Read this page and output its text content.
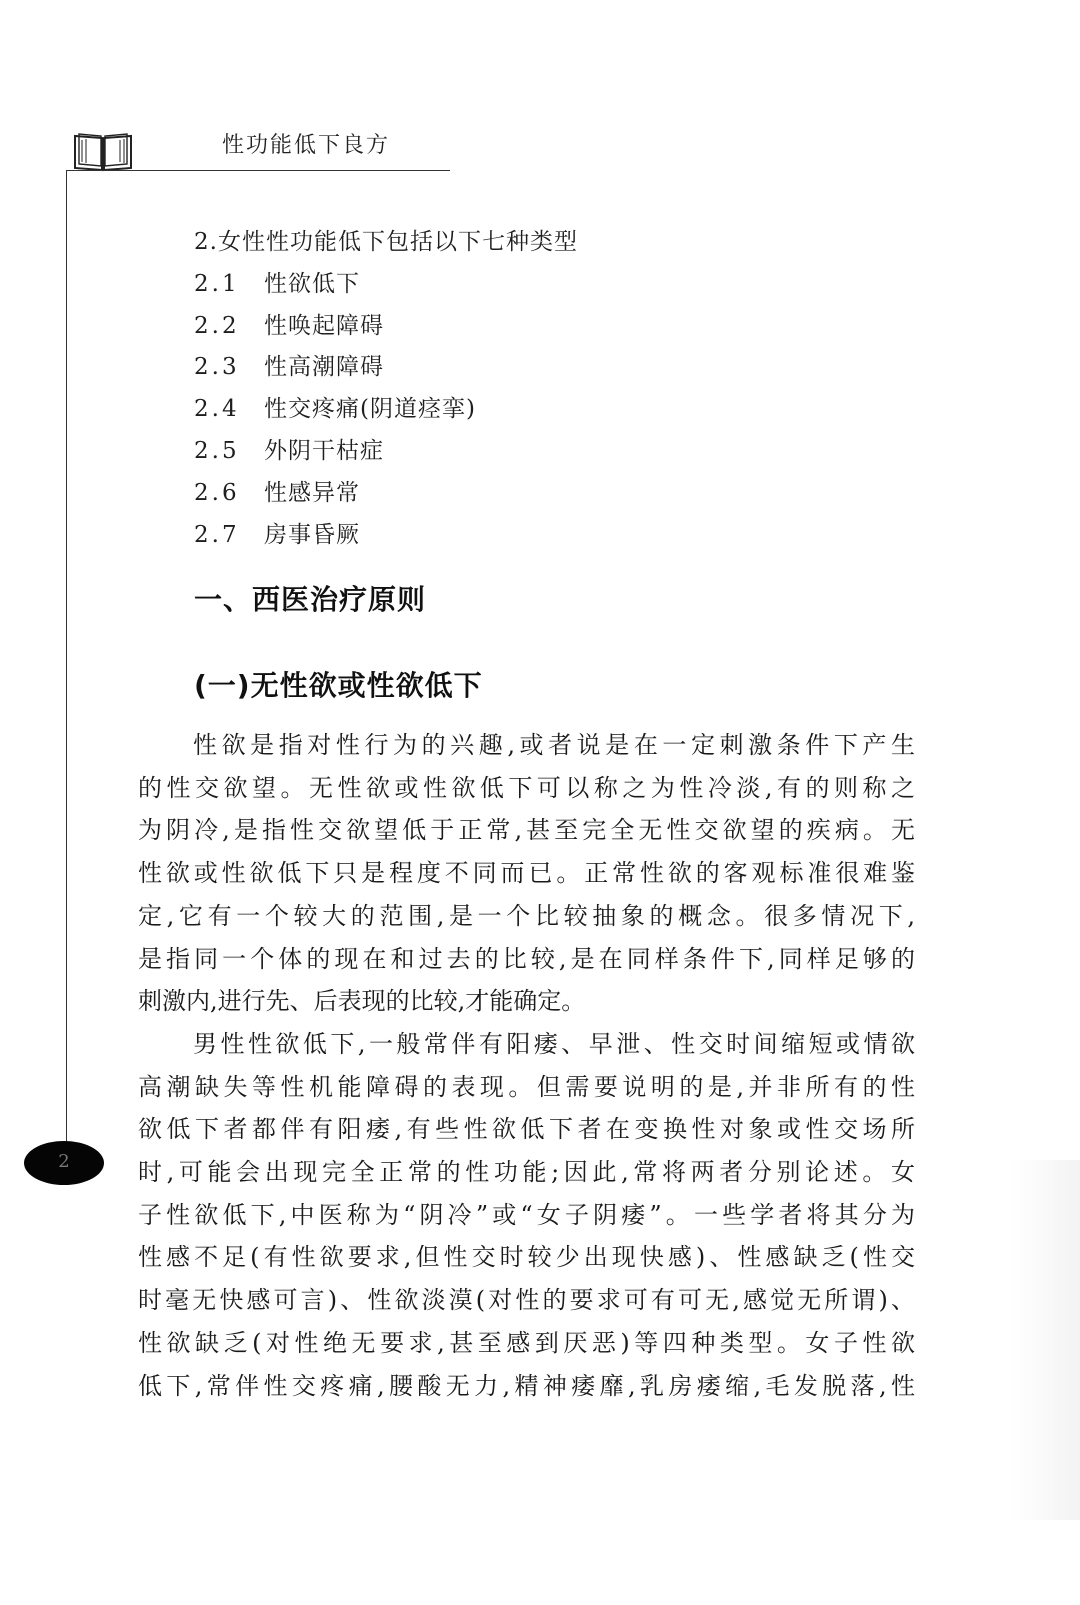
性功能低下良方
2
2.女性性功能低下包括以下七种类型
2.1	性欲低下
2.2	性唤起障碍
2.3	性高潮障碍
2.4	性交疼痛(阴道痉挛)
2.5	外阴干枯症
2.6	性感异常
2.7	房事昏厥
一、西医治疗原则
(一)无性欲或性欲低下
性欲是指对性行为的兴趣,或者说是在一定刺激条件下产生
的性交欲望。无性欲或性欲低下可以称之为性冷淡,有的则称之
为阴冷,是指性交欲望低于正常,甚至完全无性交欲望的疾病。无
性欲或性欲低下只是程度不同而已。正常性欲的客观标准很难鉴
定,它有一个较大的范围,是一个比较抽象的概念。很多情况下,
是指同一个体的现在和过去的比较,是在同样条件下,同样足够的
刺激内,进行先、后表现的比较,才能确定。
男性性欲低下,一般常伴有阳痿、早泄、性交时间缩短或情欲
高潮缺失等性机能障碍的表现。但需要说明的是,并非所有的性
欲低下者都伴有阳痿,有些性欲低下者在变换性对象或性交场所
时,可能会出现完全正常的性功能;因此,常将两者分别论述。女
子性欲低下,中医称为“阴冷”或“女子阴痿”。一些学者将其分为
性感不足(有性欲要求,但性交时较少出现快感)、性感缺乏(性交
时毫无快感可言)、性欲淡漠(对性的要求可有可无,感觉无所谓)、
性欲缺乏(对性绝无要求,甚至感到厌恶)等四种类型。女子性欲
低下,常伴性交疼痛,腰酸无力,精神痿靡,乳房痿缩,毛发脱落,性
